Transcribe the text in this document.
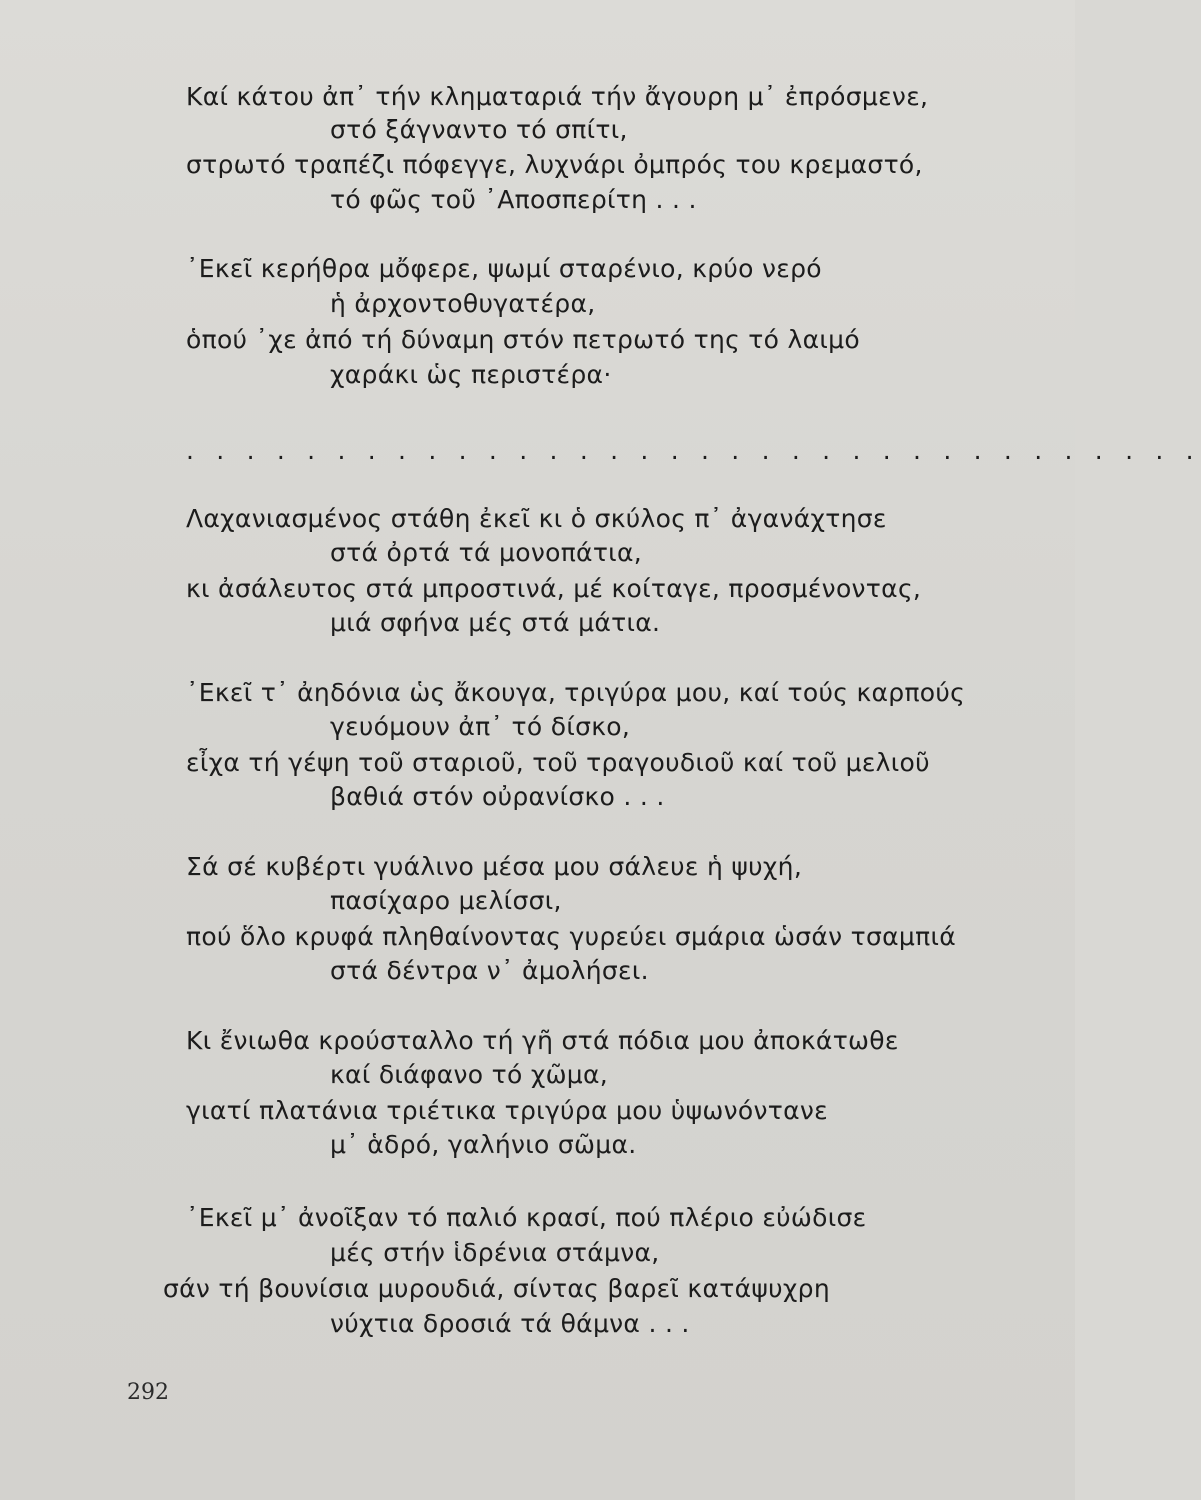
Καί κάτου ἀπ᾽ τήν κληματαριά τήν ἄγουρη μ᾽ ἐπρόσμενε,
στό ξάγναντο τό σπίτι,
στρωτό τραπέζι πόφεγγε, λυχνάρι ὀμπρός του κρεμαστό,
τό φῶς τοῦ ᾽Αποσπερίτη . . .
᾽Εκεῖ κερήθρα μὄφερε, ψωμί σταρένιο, κρύο νερό
ἡ ἀρχοντοθυγατέρα,
ὁπού ᾽χε ἀπό τή δύναμη στόν πετρωτό της τό λαιμό
χαράκι ὡς περιστέρα·
. . . . . . . . . . . . . . . . . . . . . . . . . . . . . . . . . .
Λαχανιασμένος στάθη ἐκεῖ κι ὁ σκύλος π᾽ ἀγανάχτησε
στά ὀρτά τά μονοπάτια,
κι ἀσάλευτος στά μπροστινά, μέ κοίταγε, προσμένοντας,
μιά σφήνα μές στά μάτια.
᾽Εκεῖ τ᾽ ἀηδόνια ὡς ἄκουγα, τριγύρα μου, καί τούς καρπούς
γευόμουν ἀπ᾽ τό δίσκο,
εἶχα τή γέψη τοῦ σταριοῦ, τοῦ τραγουδιοῦ καί τοῦ μελιοῦ
βαθιά στόν οὐρανίσκο . . .
Σά σέ κυβέρτι γυάλινο μέσα μου σάλευε ἡ ψυχή,
πασίχαρο μελίσσι,
πού ὅλο κρυφά πληθαίνοντας γυρεύει σμάρια ὡσάν τσαμπιά
στά δέντρα ν᾽ ἀμολήσει.
Κι ἔνιωθα κρούσταλλο τή γῆ στά πόδια μου ἀποκάτωθε
καί διάφανο τό χῶμα,
γιατί πλατάνια τριέτικα τριγύρα μου ὑψωνόντανε
μ᾽ ἁδρό, γαλήνιο σῶμα.
᾽Εκεῖ μ᾽ ἀνοῖξαν τό παλιό κρασί, πού πλέριο εὐώδισε
μές στήν ἱδρένια στάμνα,
σάν τή βουνίσια μυρουδιά, σίντας βαρεῖ κατάψυχρη
νύχτια δροσιά τά θάμνα . . .
292
